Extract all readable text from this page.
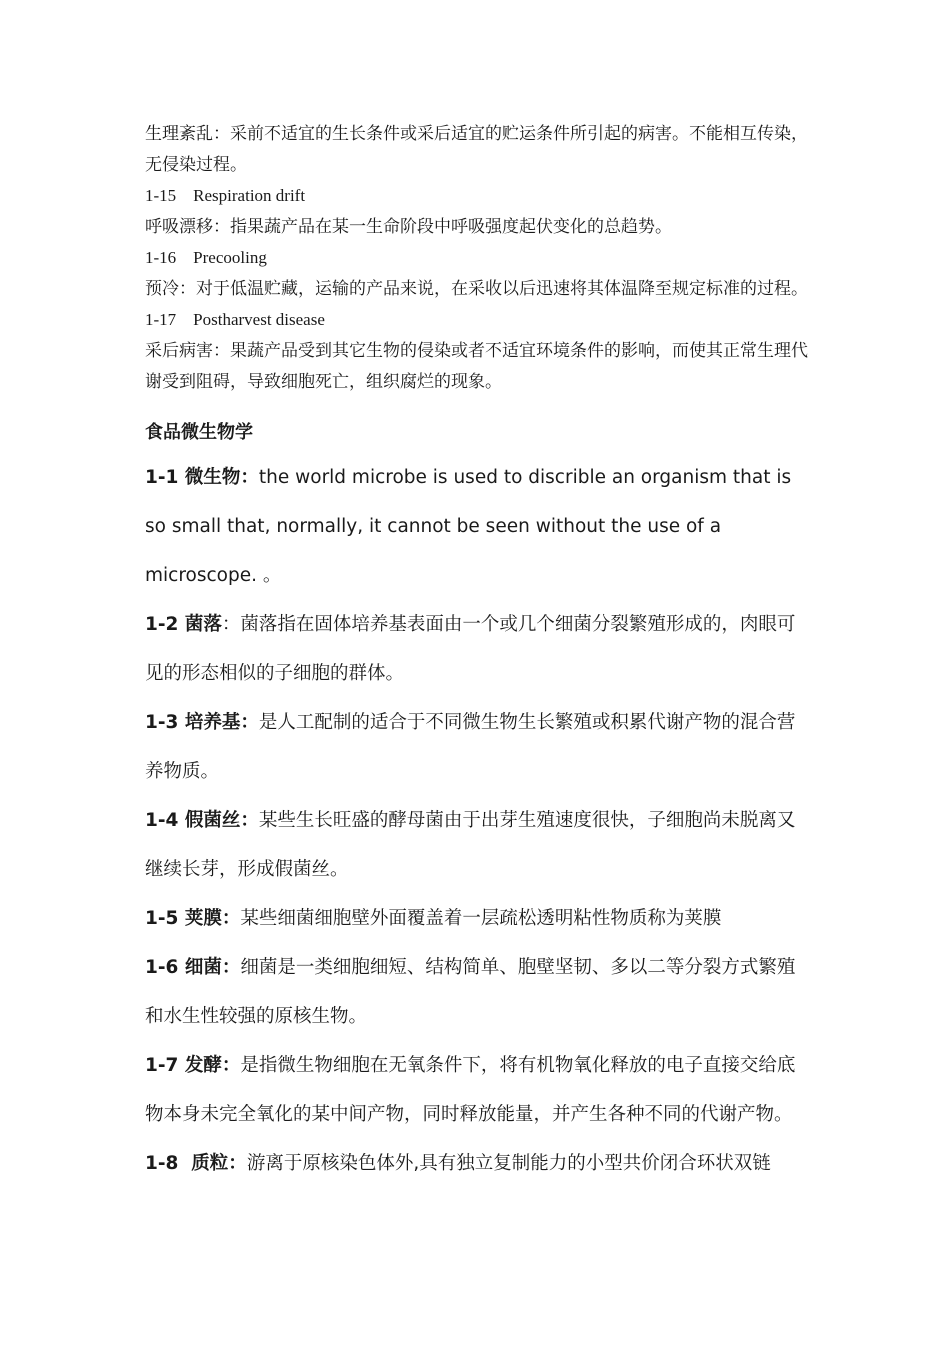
生理紊乱：采前不适宜的生长条件或采后适宜的贮运条件所引起的病害。不能相互传染，无侵染过程。

1-15    Respiration drift

呼吸漂移：指果蔬产品在某一生命阶段中呼吸强度起伏变化的总趋势。

1-16    Precooling

预冷：对于低温贮藏，运输的产品来说，在采收以后迅速将其体温降至规定标准的过程。

1-17    Postharvest disease

采后病害：果蔬产品受到其它生物的侵染或者不适宜环境条件的影响，而使其正常生理代谢受到阻碍，导致细胞死亡，组织腐烂的现象。

食品微生物学

1-1 微生物：the world microbe is used to discrible an organism that is so small that, normally, it cannot be seen without the use of a microscope. 。

1-2 菌落：菌落指在固体培养基表面由一个或几个细菌分裂繁殖形成的，肉眼可见的形态相似的子细胞的群体。

1-3 培养基：是人工配制的适合于不同微生物生长繁殖或积累代谢产物的混合营养物质。

1-4 假菌丝：某些生长旺盛的酵母菌由于出芽生殖速度很快，子细胞尚未脱离又继续长芽，形成假菌丝。

1-5 荚膜：某些细菌细胞壁外面覆盖着一层疏松透明粘性物质称为荚膜

1-6 细菌：细菌是一类细胞细短、结构简单、胞壁坚韧、多以二等分裂方式繁殖和水生性较强的原核生物。

1-7 发酵：是指微生物细胞在无氧条件下，将有机物氧化释放的电子直接交给底物本身未完全氧化的某中间产物，同时释放能量，并产生各种不同的代谢产物。

1-8  质粒：游离于原核染色体外,具有独立复制能力的小型共价闭合环状双链
